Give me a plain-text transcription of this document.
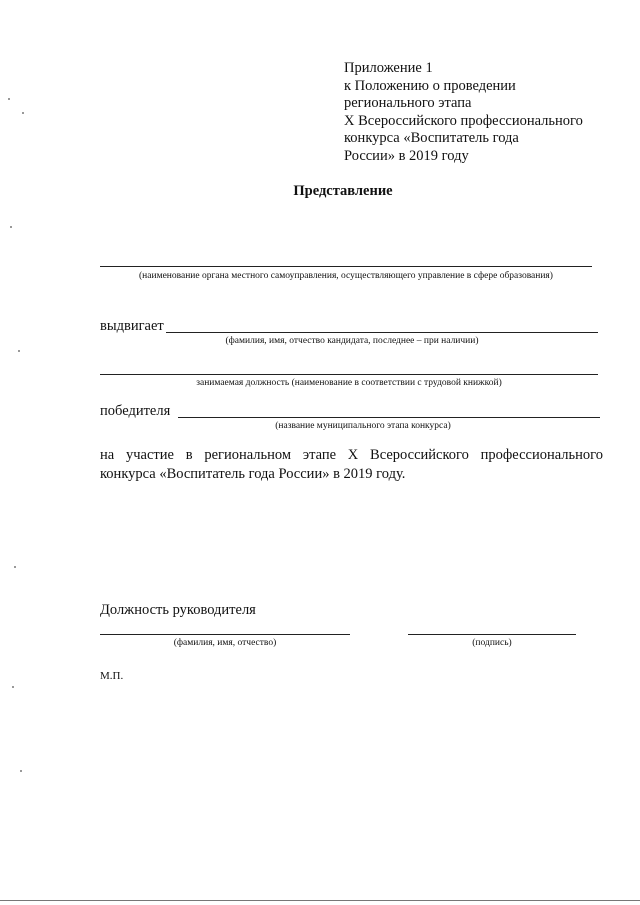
Приложение 1
к Положению о проведении
регионального этапа
X Всероссийского профессионального
конкурса «Воспитатель года
России» в 2019 году
Представление
(наименование органа местного самоуправления, осуществляющего управление в сфере образования)
выдвигает
(фамилия, имя, отчество кандидата, последнее – при наличии)
занимаемая должность (наименование в соответствии с трудовой книжкой)
победителя
(название муниципального этапа конкурса)
на участие в региональном этапе X Всероссийского профессионального конкурса «Воспитатель года России» в 2019 году.
Должность руководителя
(фамилия, имя, отчество)	(подпись)
М.П.
